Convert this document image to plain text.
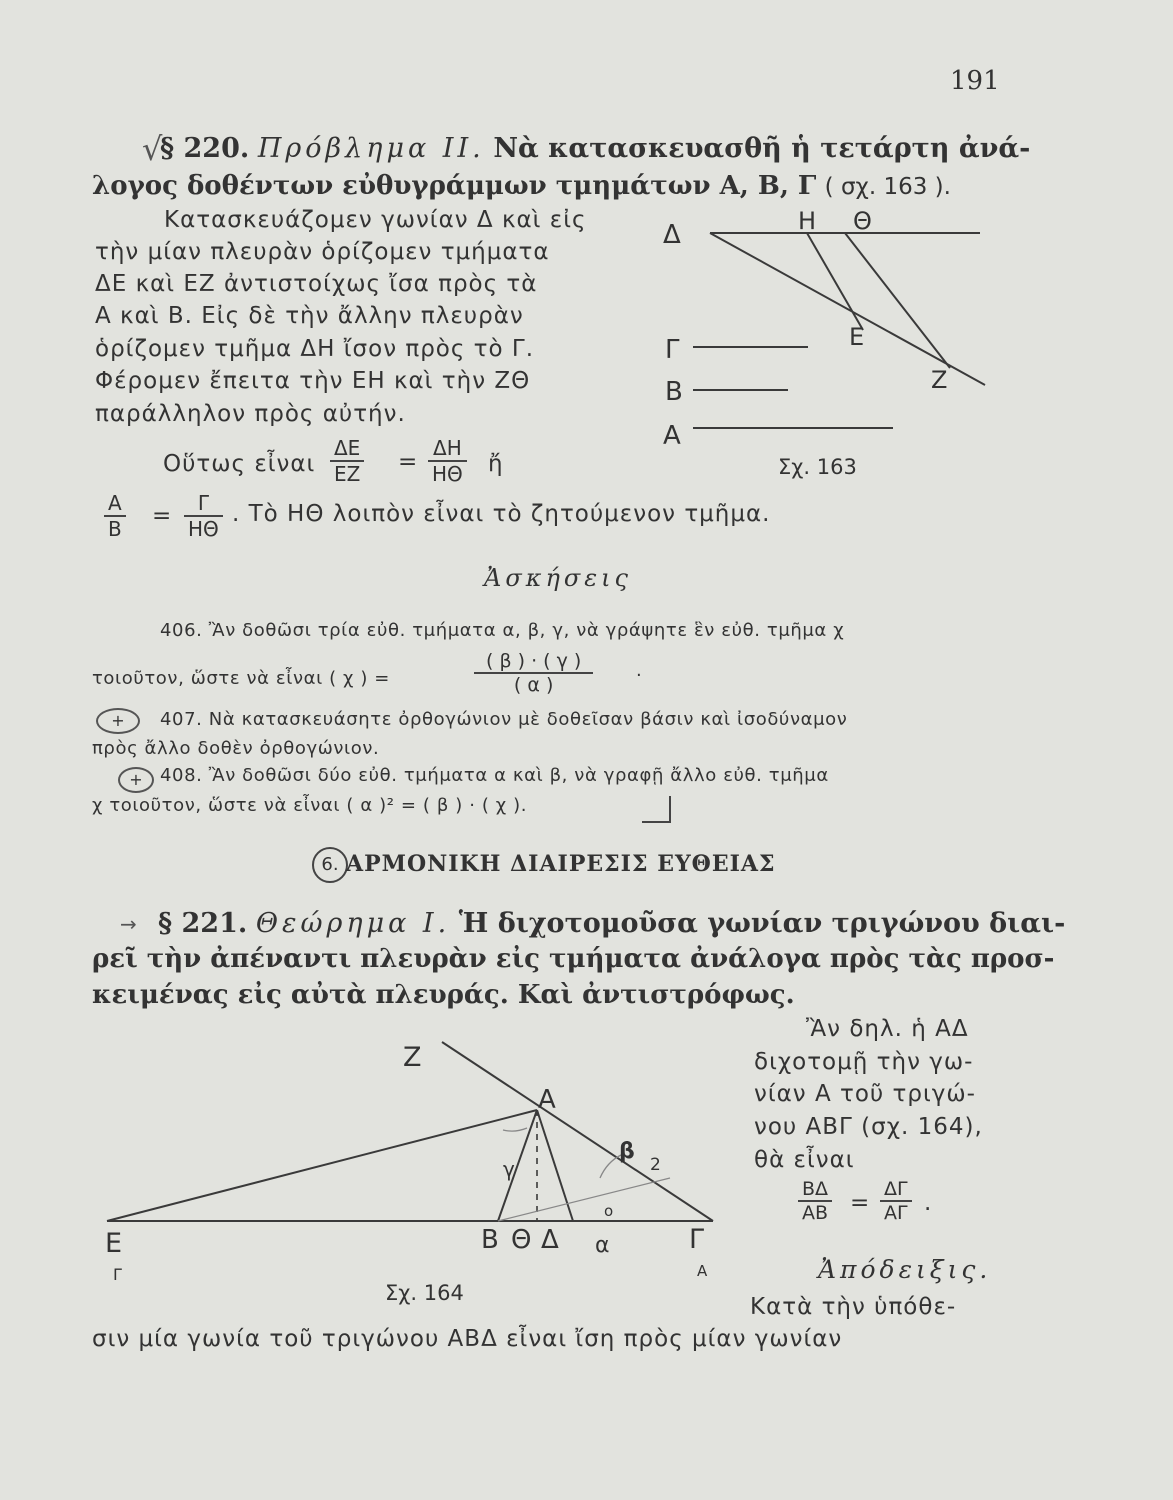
191
√
§ 220. Πρόβλημα II. Νὰ κατασκευασθῆ ἡ τετάρτη ἀνά-
λογος δοθέντων εὐθυγράμμων τμημάτων Α, Β, Γ ( σχ. 163 ).
Κατασκευάζομεν γωνίαν Δ καὶ εἰς
τὴν μίαν πλευρὰν ὁρίζομεν τμήματα
ΔΕ καὶ ΕΖ ἀντιστοίχως ἴσα πρὸς τὰ
Α καὶ Β. Εἰς δὲ τὴν ἄλλην πλευρὰν
ὁρίζομεν τμῆμα ΔΗ ἴσον πρὸς τὸ Γ.
Φέρομεν ἔπειτα τὴν ΕΗ καὶ τὴν ΖΘ
παράλληλον πρὸς αὐτήν.
Οὕτως εἶναι $\frac{\Delta E}{EZ} = \frac{\Delta H}{H\Theta}$ ἤ
$\frac{A}{B} = \frac{\Gamma}{H\Theta}$ . Τὸ ΗΘ λοιπὸν εἶναι τὸ ζητούμενον τμῆμα.
Δ	Η Θ
Ε
Ζ
Γ
Β
Α
Σχ. 163
Ἀσκήσεις
406. Ἂν δοθῶσι τρία εὐθ. τμήματα α, β, γ, νὰ γράψητε ἓν εὐθ. τμῆμα χ
τοιοῦτον, ὥστε νὰ εἶναι ( χ ) =	$\frac{( \beta ) \cdot ( \gamma )}{( \alpha )}$ .
+	407. Νὰ κατασκευάσητε ὀρθογώνιον μὲ δοθεῖσαν βάσιν καὶ ἰσοδύναμον
πρὸς ἄλλο δοθὲν ὀρθογώνιον.
+ 408. Ἂν δοθῶσι δύο εὐθ. τμήματα α καὶ β, νὰ γραφῇ ἄλλο εὐθ. τμῆμα
χ τοιοῦτον, ὥστε νὰ εἶναι ( α )² = ( β ) · ( χ ).
6. ΑΡΜΟΝΙΚΗ ΔΙΑΙΡΕΣΙΣ ΕΥΘΕΙΑΣ
→ § 221. Θεώρημα I. Ἡ διχοτομοῦσα γωνίαν τριγώνου διαι-
ρεῖ τὴν ἀπέναντι πλευρὰν εἰς τμήματα ἀνάλογα πρὸς τὰς προσ-
κειμένας εἰς αὐτὰ πλευράς. Καὶ ἀντιστρόφως.
Ἂν δηλ. ἡ ΑΔ
διχοτομῇ τὴν γω-
νίαν Α τοῦ τριγώ-
νου ΑΒΓ (σχ. 164),
θὰ εἶναι
$\frac{B\Delta}{AB} = \frac{\Delta\Gamma}{A\Gamma}$ .
Ἀπόδειξις.
Κατὰ τὴν ὑπόθε-
σιν μία γωνία τοῦ τριγώνου ΑΒΔ εἶναι ἴση πρὸς μίαν γωνίαν
Ζ
Α
Ε	Β Θ Δ	Γ
γ
β
2
ο
α
Γ	Α
Σχ. 164
